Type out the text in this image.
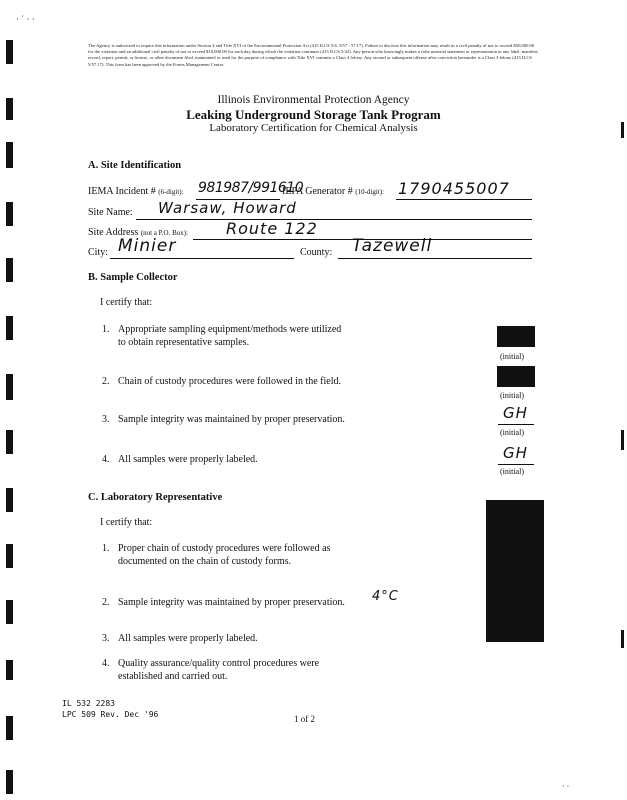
· ˙ · ·
The Agency is authorized to require this information under Section 4 and Title XVI of the Environmental Protection Act (415 ILCS 5/4, 5/57 - 57.17). Failure to disclose this information may result in a civil penalty of not to exceed $50,000.00 for the violation and an additional civil penalty of not to exceed $10,000.00 for each day during which the violation continues (415 ILCS 5/42). Any person who knowingly makes a false material statement or representation in any label, manifest, record, report, permit, or license, or other document filed, maintained or used for the purpose of compliance with Title XVI commits a Class 4 felony. Any second or subsequent offense after conviction hereunder is a Class 3 felony (415 ILCS 5/57.17). This form has been approved by the Forms Management Center.
Illinois Environmental Protection Agency
Leaking Underground Storage Tank Program
Laboratory Certification for Chemical Analysis
A. Site Identification
IEMA Incident # (6-digit): 981987/991610
IEPA Generator # (10-digit): 1790455007
Site Name: Warsaw, Howard
Site Address (not a P.O. Box): Route 122
City: Minier	County: Tazewell
B. Sample Collector
I certify that:
1. Appropriate sampling equipment/methods were utilized
to obtain representative samples.
(initial)
2. Chain of custody procedures were followed in the field.
(initial)
3. Sample integrity was maintained by proper preservation.	GH
(initial)
4. All samples were properly labeled.	GH
(initial)
C. Laboratory Representative
I certify that:
1. Proper chain of custody procedures were followed as
documented on the chain of custody forms.
2. Sample integrity was maintained by proper preservation. 4°C
3. All samples were properly labeled.
4. Quality assurance/quality control procedures were
established and carried out.
IL 532 2283
LPC 509 Rev. Dec '96	1 of 2
· ·
